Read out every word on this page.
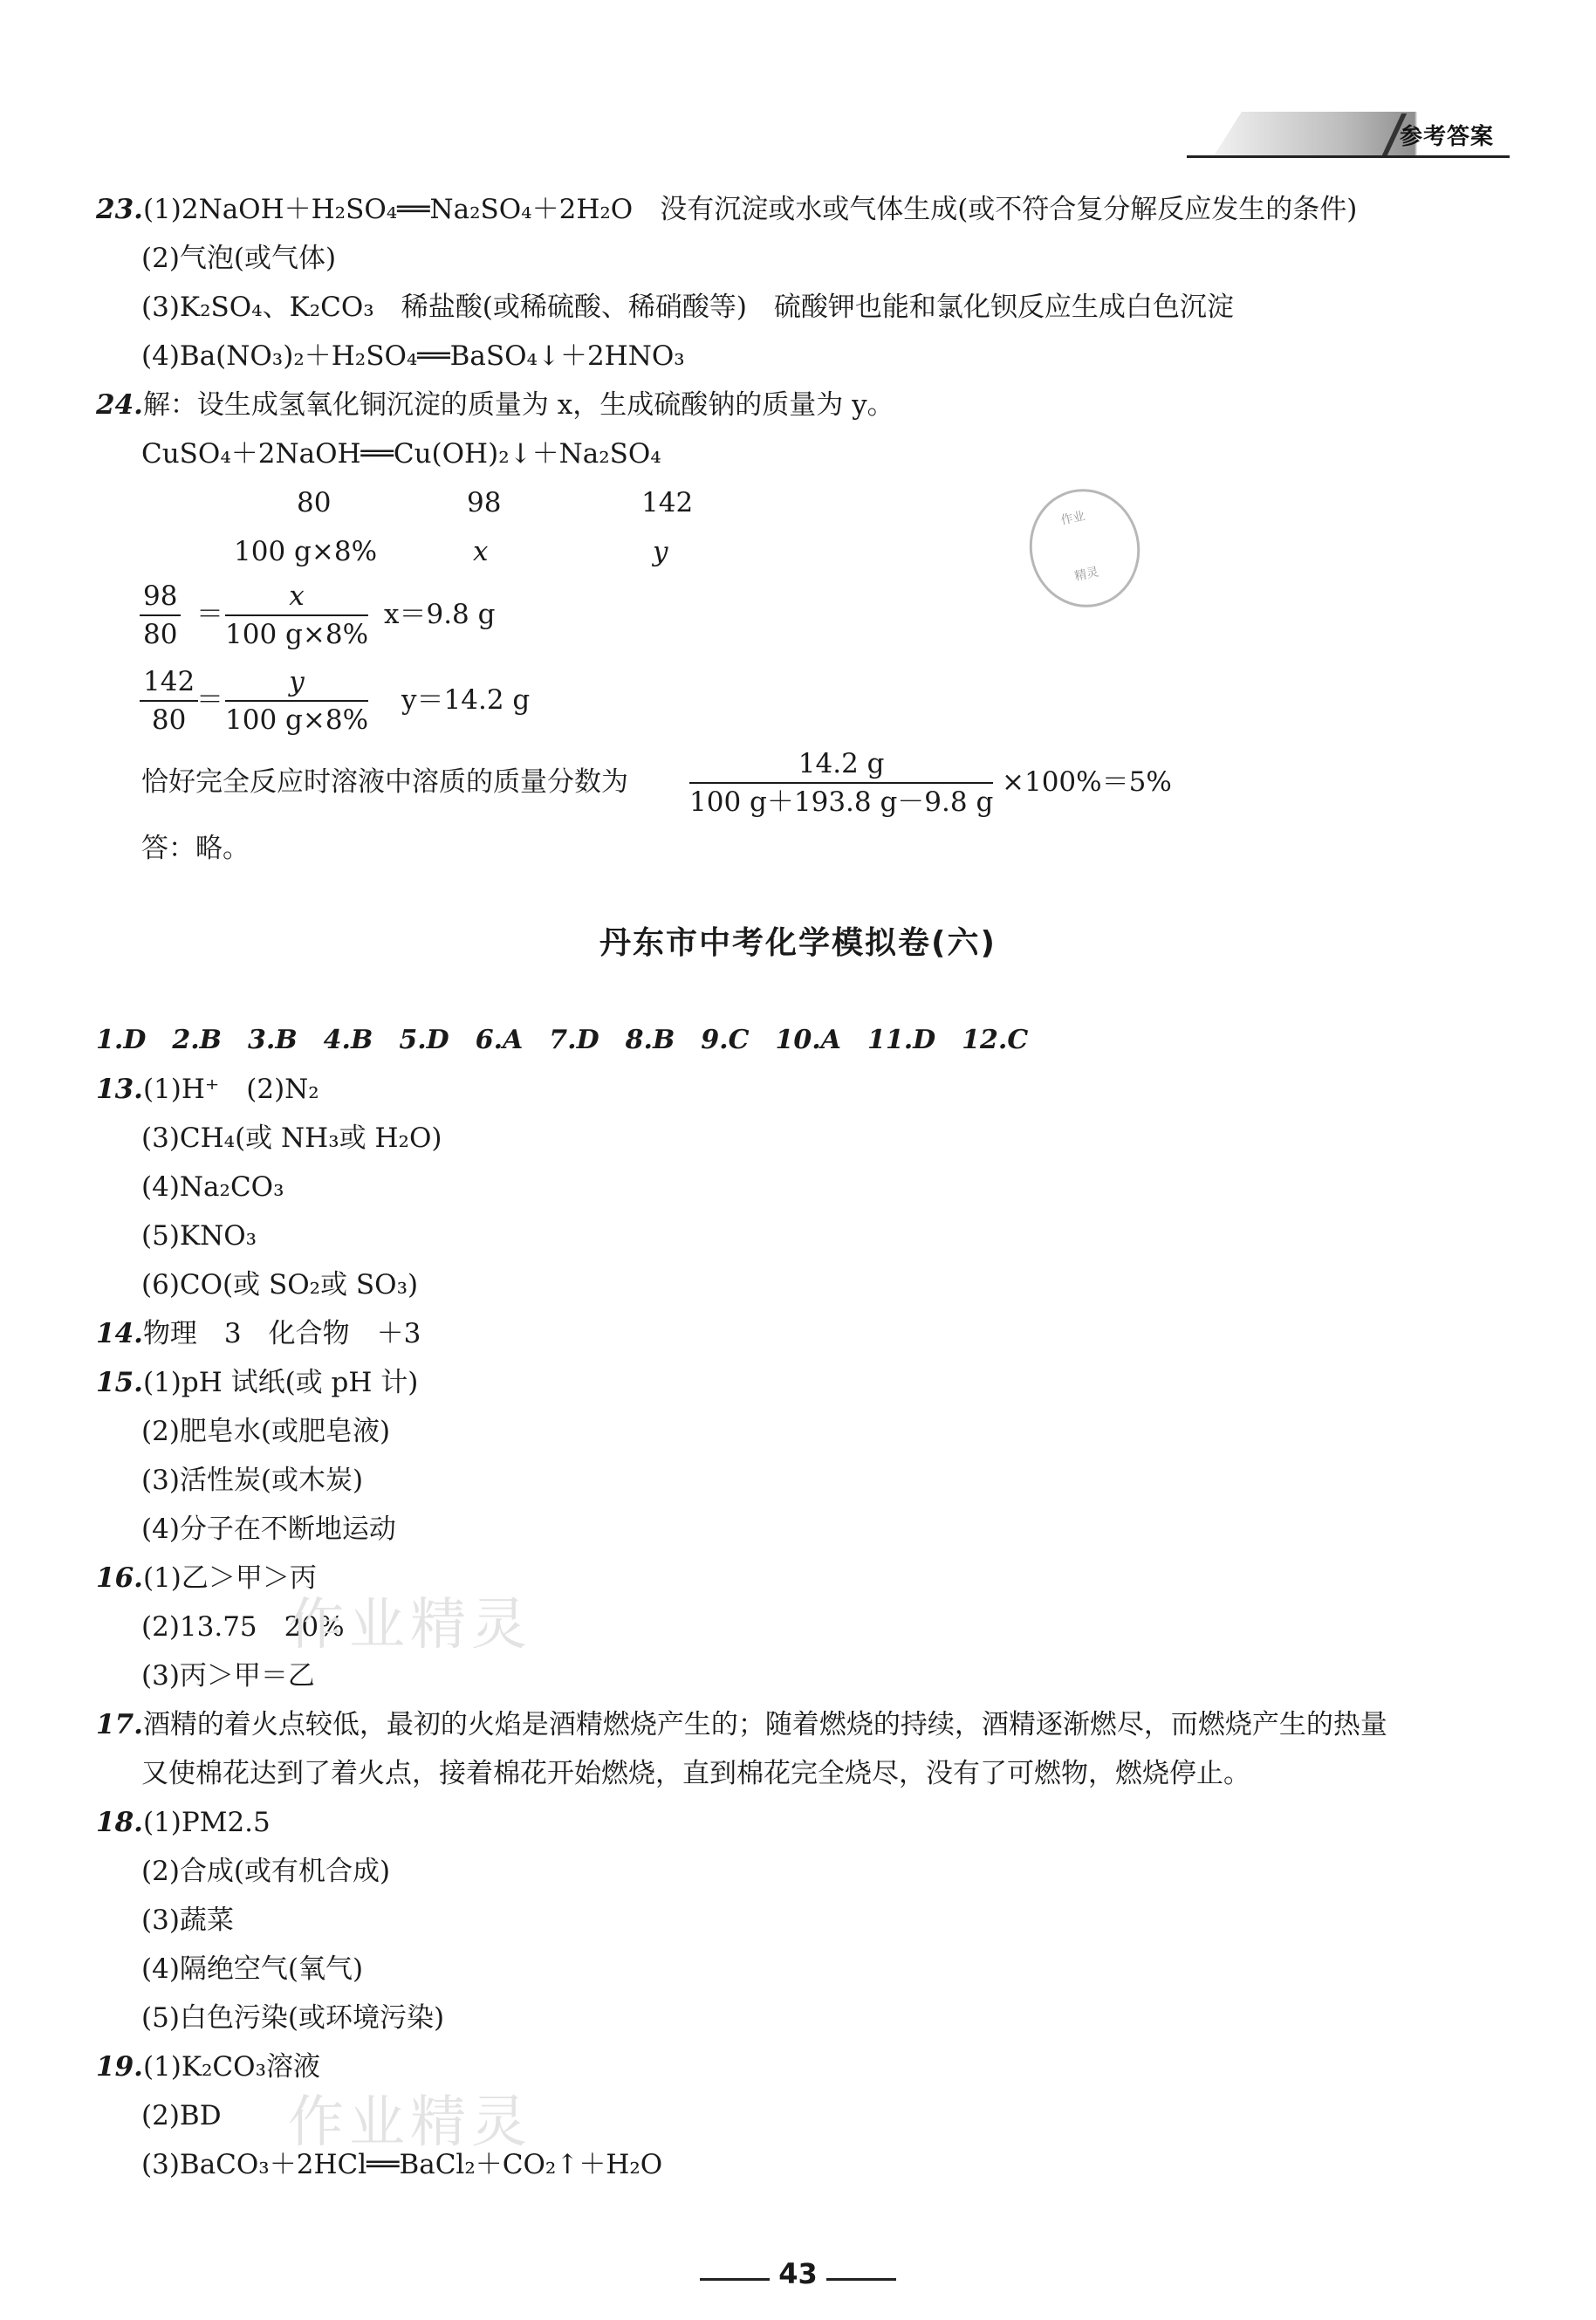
参考答案
23.(1)2NaOH＋H₂SO₄══Na₂SO₄＋2H₂O　没有沉淀或水或气体生成(或不符合复分解反应发生的条件)
(2)气泡(或气体)
(3)K₂SO₄、K₂CO₃　稀盐酸(或稀硫酸、稀硝酸等)　硫酸钾也能和氯化钡反应生成白色沉淀
(4)Ba(NO₃)₂＋H₂SO₄══BaSO₄↓＋2HNO₃
24.解：设生成氢氧化铜沉淀的质量为 x，生成硫酸钠的质量为 y。
CuSO₄＋2NaOH══Cu(OH)₂↓＋Na₂SO₄
80	98	142
100 g×8%	x	y
$\frac{98}{80} = \frac{x}{100 g\times 8\%} x=9.8$ g
$\frac{142}{80}$
＝ $\frac{y}{100 g\times 8\%} y=14.2$ g
恰好完全反应时溶液中溶质的质量分数为 $\frac{14.2 g}{100 g+193.8 g-9.8 g} \times 100\%=5\%$
答：略。
丹东市中考化学模拟卷(六)
1.D　2.B　3.B　4.B　5.D　6.A　7.D　8.B　9.C　10.A　11.D　12.C
13.(1)H⁺　(2)N₂
(3)CH₄(或 NH₃或 H₂O)
(4)Na₂CO₃
(5)KNO₃
(6)CO(或 SO₂或 SO₃)
14.物理　3　化合物　＋3
15.(1)pH 试纸(或 pH 计)
(2)肥皂水(或肥皂液)
(3)活性炭(或木炭)
(4)分子在不断地运动
16.(1)乙＞甲＞丙
(2)13.75　20%
(3)丙＞甲＝乙
17.酒精的着火点较低，最初的火焰是酒精燃烧产生的；随着燃烧的持续，酒精逐渐燃尽，而燃烧产生的热量
又使棉花达到了着火点，接着棉花开始燃烧，直到棉花完全烧尽，没有了可燃物，燃烧停止。
18.(1)PM2.5
(2)合成(或有机合成)
(3)蔬菜
(4)隔绝空气(氧气)
(5)白色污染(或环境污染)
19.(1)K₂CO₃溶液
(2)BD
(3)BaCO₃＋2HCl══BaCl₂＋CO₂↑＋H₂O
作业精灵
作业精灵
作业
精灵
43
